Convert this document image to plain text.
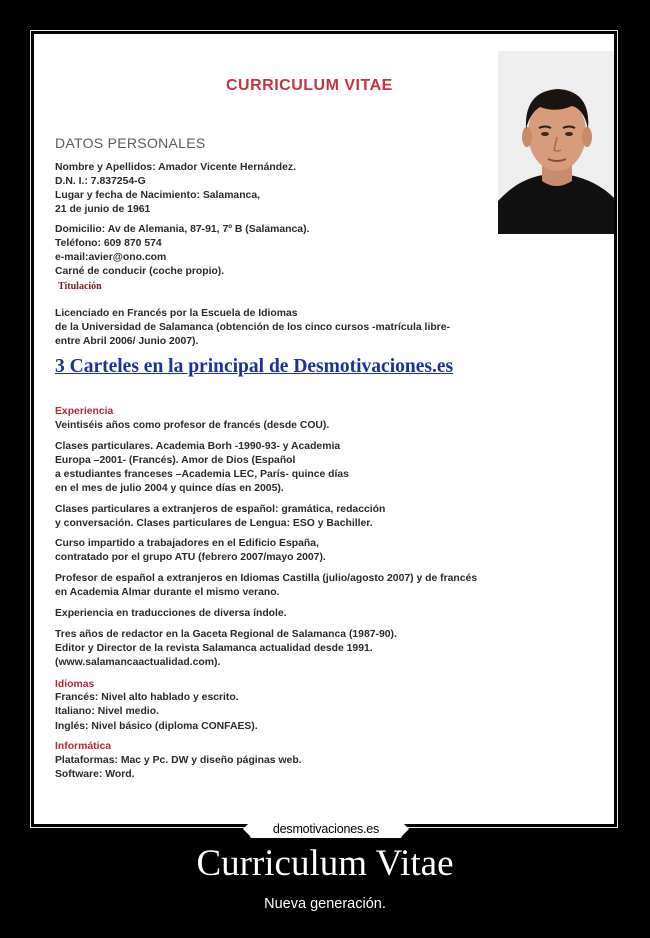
CURRICULUM VITAE
DATOS PERSONALES
Nombre y Apellidos: Amador Vicente Hernández.
D.N. I.: 7.837254-G
Lugar y fecha de Nacimiento: Salamanca,
21 de junio de 1961
Domicilio: Av de Alemania, 87-91, 7º B (Salamanca).
Teléfono: 609 870 574
e-mail:avier@ono.com
Carné de conducir (coche propio).
Titulación
Licenciado en Francés por la Escuela de Idiomas
de la Universidad de Salamanca (obtención de los cinco cursos -matrícula libre-
entre Abril 2006/ Junio 2007).
3 Carteles en la principal de Desmotivaciones.es
Experiencia
Veintiséis años como profesor de francés (desde COU).
Clases particulares. Academia Borh -1990-93- y Academia
Europa –2001- (Francés). Amor de Dios (Español
a estudiantes franceses –Academia LEC, París- quince días
en el mes de julio 2004 y quince días en 2005).
Clases particulares a extranjeros de español: gramática, redacción
y conversación. Clases particulares de Lengua: ESO y Bachiller.
Curso impartido a trabajadores en el Edificio España,
contratado por el grupo ATU (febrero 2007/mayo 2007).
Profesor de español a extranjeros en Idiomas Castilla (julio/agosto 2007) y de francés
en Academia Almar durante el mismo verano.
Experiencia en traducciones de diversa índole.
Tres años de redactor en la Gaceta Regional de Salamanca (1987-90).
Editor y Director de la revista Salamanca actualidad desde 1991.
(www.salamancaactualidad.com).
Idiomas
Francés: Nivel alto hablado y escrito.
Italiano: Nivel medio.
Inglés: Nivel básico (diploma CONFAES).
Informática
Plataformas: Mac y Pc. DW y diseño páginas web.
Software: Word.
desmotivaciones.es
Curriculum Vitae
Nueva generación.
